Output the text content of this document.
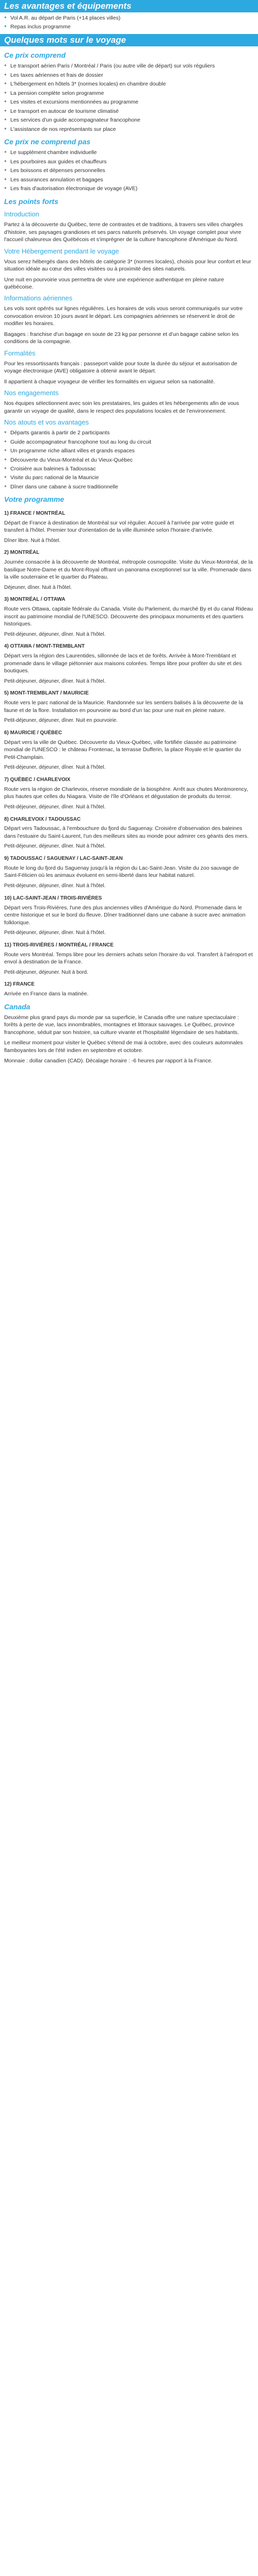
Les avantages et équipements
● Vol A.R. au départ de Paris (+14 places villes)
● Repas inclus programme
Quelques mots sur le voyage
Ce prix comprend
● Le transport aérien Paris / Montréal / Paris (ou autre ville de départ) sur vols réguliers
● Les taxes aériennes et frais de dossier
● L'hébergement en hôtels 3* (normes locales) en chambre double
● La pension complète selon programme
● Les visites et excursions mentionnées au programme
● Le transport en autocar de tourisme climatisé
● Les services d'un guide accompagnateur francophone
● L'assistance de nos représentants sur place
Ce prix ne comprend pas
● Le supplément chambre individuelle
● Les pourboires aux guides et chauffeurs
● Les boissons et dépenses personnelles
● Les assurances annulation et bagages
● Les frais d'autorisation électronique de voyage (AVE)
Les points forts
Introduction

Partez à la découverte du Québec, terre de contrastes et de traditions, à travers ses villes chargées d'histoire, ses paysages grandioses et ses parcs naturels préservés. Un voyage complet pour vivre l'accueil chaleureux des Québécois et s'imprégner de la culture francophone d'Amérique du Nord.

Votre Hébergement pendant le voyage

Vous serez hébergés dans des hôtels de catégorie 3* (normes locales), choisis pour leur confort et leur situation idéale au cœur des villes visitées ou à proximité des sites naturels.

Une nuit en pourvoirie vous permettra de vivre une expérience authentique en pleine nature québécoise.

Informations aériennes

Les vols sont opérés sur lignes régulières. Les horaires de vols vous seront communiqués sur votre convocation environ 10 jours avant le départ. Les compagnies aériennes se réservent le droit de modifier les horaires.

Bagages : franchise d'un bagage en soute de 23 kg par personne et d'un bagage cabine selon les conditions de la compagnie.

Formalités

Pour les ressortissants français : passeport valide pour toute la durée du séjour et autorisation de voyage électronique (AVE) obligatoire à obtenir avant le départ.

Il appartient à chaque voyageur de vérifier les formalités en vigueur selon sa nationalité.

Nos engagements

Nos équipes sélectionnent avec soin les prestataires, les guides et les hébergements afin de vous garantir un voyage de qualité, dans le respect des populations locales et de l'environnement.

Nos atouts et vos avantages
● Départs garantis à partir de 2 participants
● Guide accompagnateur francophone tout au long du circuit
● Un programme riche alliant villes et grands espaces
● Découverte du Vieux-Montréal et du Vieux-Québec
● Croisière aux baleines à Tadoussac
● Visite du parc national de la Mauricie
● Dîner dans une cabane à sucre traditionnelle
Votre programme
1) FRANCE / MONTRÉAL

Départ de France à destination de Montréal sur vol régulier. Accueil à l'arrivée par votre guide et transfert à l'hôtel. Premier tour d'orientation de la ville illuminée selon l'horaire d'arrivée.

Dîner libre. Nuit à l'hôtel.
2) MONTRÉAL

Journée consacrée à la découverte de Montréal, métropole cosmopolite. Visite du Vieux-Montréal, de la basilique Notre-Dame et du Mont-Royal offrant un panorama exceptionnel sur la ville. Promenade dans la ville souterraine et le quartier du Plateau.

Déjeuner, dîner. Nuit à l'hôtel.
3) MONTRÉAL / OTTAWA

Route vers Ottawa, capitale fédérale du Canada. Visite du Parlement, du marché By et du canal Rideau inscrit au patrimoine mondial de l'UNESCO. Découverte des principaux monuments et des quartiers historiques.

Petit-déjeuner, déjeuner, dîner. Nuit à l'hôtel.
4) OTTAWA / MONT-TREMBLANT

Départ vers la région des Laurentides, sillonnée de lacs et de forêts. Arrivée à Mont-Tremblant et promenade dans le village piétonnier aux maisons colorées. Temps libre pour profiter du site et des boutiques.

Petit-déjeuner, déjeuner, dîner. Nuit à l'hôtel.
5) MONT-TREMBLANT / MAURICIE

Route vers le parc national de la Mauricie. Randonnée sur les sentiers balisés à la découverte de la faune et de la flore. Installation en pourvoirie au bord d'un lac pour une nuit en pleine nature.

Petit-déjeuner, déjeuner, dîner. Nuit en pourvoirie.
6) MAURICIE / QUÉBEC

Départ vers la ville de Québec. Découverte du Vieux-Québec, ville fortifiée classée au patrimoine mondial de l'UNESCO : le château Frontenac, la terrasse Dufferin, la place Royale et le quartier du Petit-Champlain.

Petit-déjeuner, déjeuner, dîner. Nuit à l'hôtel.
7) QUÉBEC / CHARLEVOIX

Route vers la région de Charlevoix, réserve mondiale de la biosphère. Arrêt aux chutes Montmorency, plus hautes que celles du Niagara. Visite de l'île d'Orléans et dégustation de produits du terroir.

Petit-déjeuner, déjeuner, dîner. Nuit à l'hôtel.
8) CHARLEVOIX / TADOUSSAC

Départ vers Tadoussac, à l'embouchure du fjord du Saguenay. Croisière d'observation des baleines dans l'estuaire du Saint-Laurent, l'un des meilleurs sites au monde pour admirer ces géants des mers.

Petit-déjeuner, déjeuner, dîner. Nuit à l'hôtel.
9) TADOUSSAC / SAGUENAY / LAC-SAINT-JEAN

Route le long du fjord du Saguenay jusqu'à la région du Lac-Saint-Jean. Visite du zoo sauvage de Saint-Félicien où les animaux évoluent en semi-liberté dans leur habitat naturel.

Petit-déjeuner, déjeuner, dîner. Nuit à l'hôtel.
10) LAC-SAINT-JEAN / TROIS-RIVIÈRES

Départ vers Trois-Rivières, l'une des plus anciennes villes d'Amérique du Nord. Promenade dans le centre historique et sur le bord du fleuve. Dîner traditionnel dans une cabane à sucre avec animation folklorique.

Petit-déjeuner, déjeuner, dîner. Nuit à l'hôtel.
11) TROIS-RIVIÈRES / MONTRÉAL / FRANCE

Route vers Montréal. Temps libre pour les derniers achats selon l'horaire du vol. Transfert à l'aéroport et envol à destination de la France.

Petit-déjeuner, déjeuner. Nuit à bord.
12) FRANCE

Arrivée en France dans la matinée.

Canada

Deuxième plus grand pays du monde par sa superficie, le Canada offre une nature spectaculaire : forêts à perte de vue, lacs innombrables, montagnes et littoraux sauvages. Le Québec, province francophone, séduit par son histoire, sa culture vivante et l'hospitalité légendaire de ses habitants.

Le meilleur moment pour visiter le Québec s'étend de mai à octobre, avec des couleurs automnales flamboyantes lors de l'été indien en septembre et octobre.

Monnaie : dollar canadien (CAD). Décalage horaire : -6 heures par rapport à la France.
